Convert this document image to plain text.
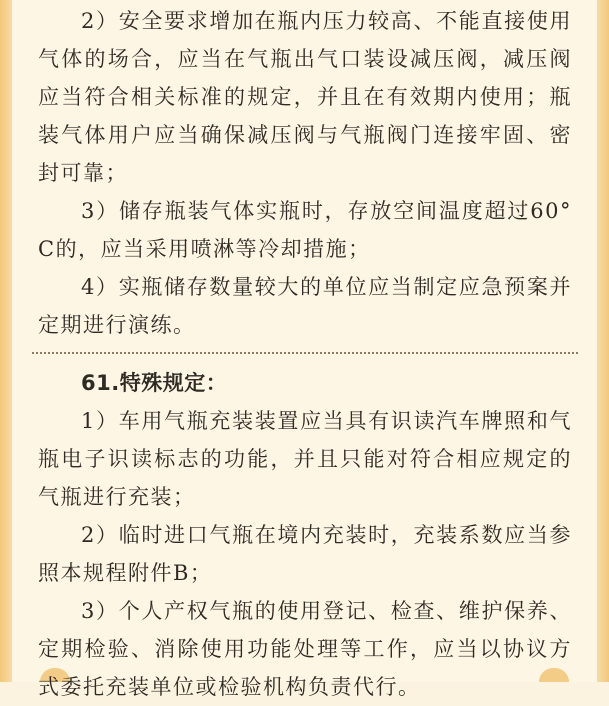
2）安全要求增加在瓶内压力较高、不能直接使用气体的场合，应当在气瓶出气口装设减压阀，减压阀应当符合相关标准的规定，并且在有效期内使用；瓶装气体用户应当确保减压阀与气瓶阀门连接牢固、密封可靠；

3）储存瓶装气体实瓶时，存放空间温度超过60°C的，应当采用喷淋等冷却措施；

4）实瓶储存数量较大的单位应当制定应急预案并定期进行演练。

61.特殊规定：

1）车用气瓶充装装置应当具有识读汽车牌照和气瓶电子识读标志的功能，并且只能对符合相应规定的气瓶进行充装；

2）临时进口气瓶在境内充装时，充装系数应当参照本规程附件B；

3）个人产权气瓶的使用登记、检查、维护保养、定期检验、消除使用功能处理等工作，应当以协议方式委托充装单位或检验机构负责代行。
